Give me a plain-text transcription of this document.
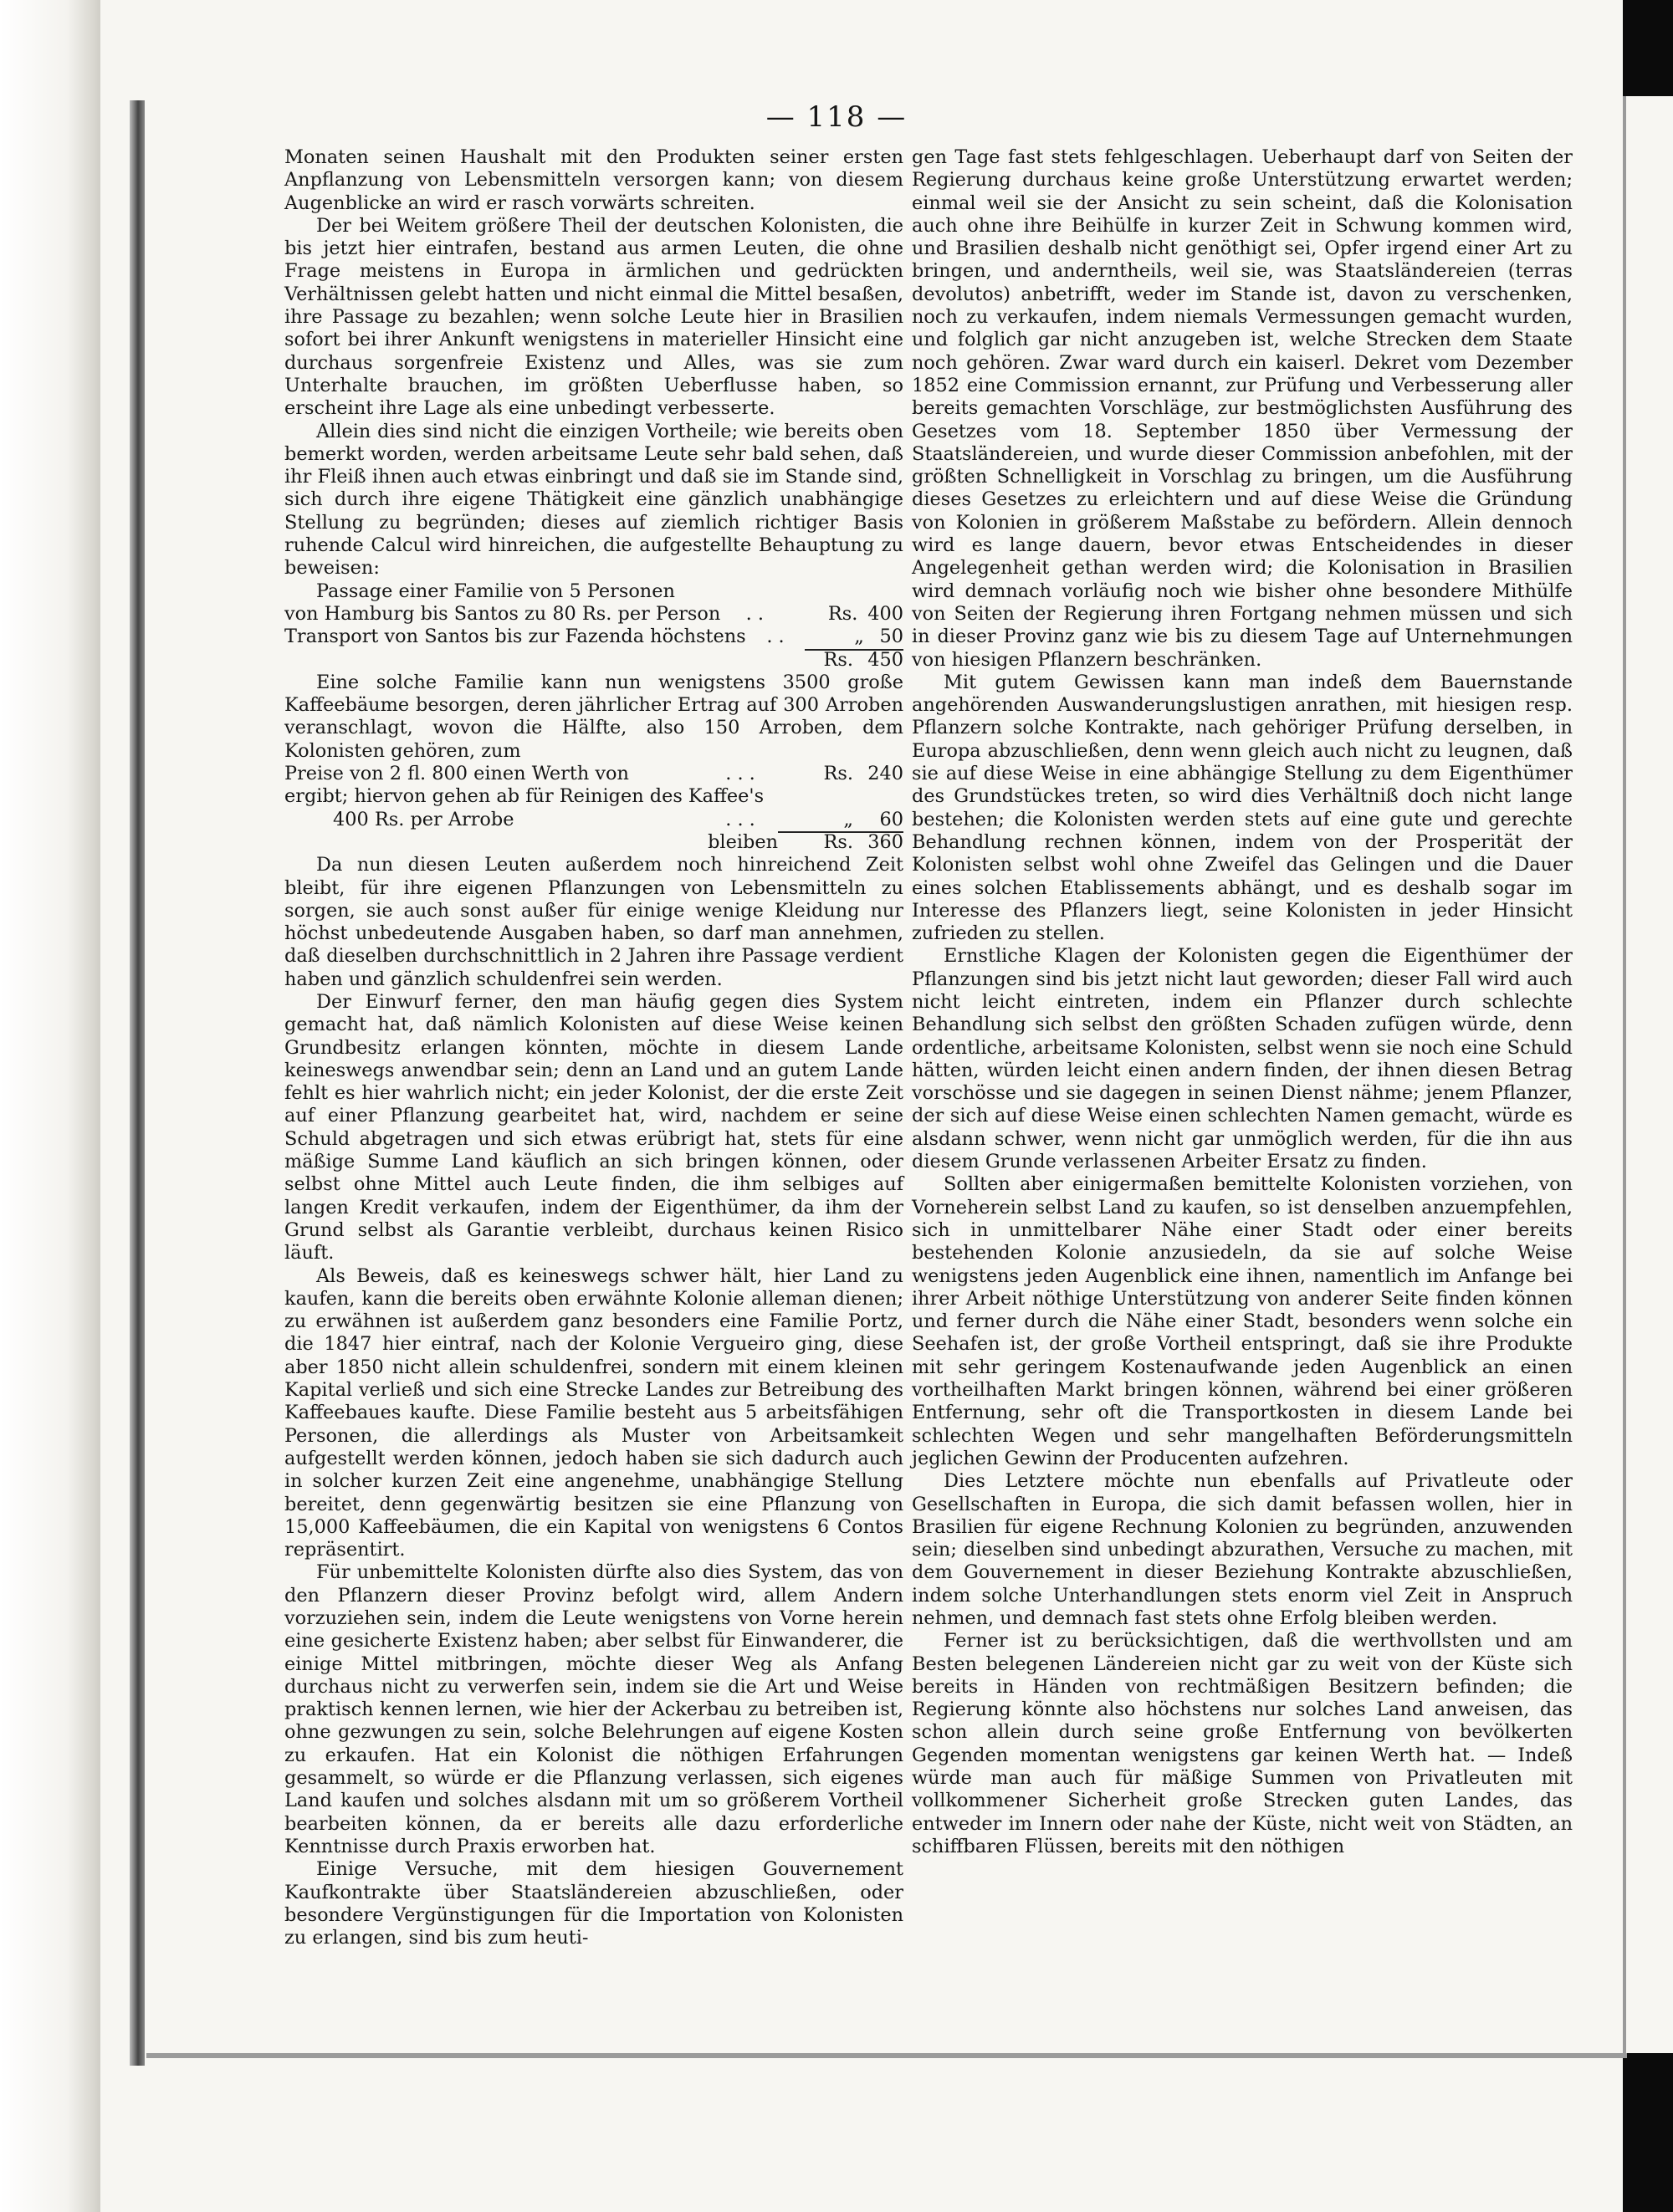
— 118 —

Monaten seinen Haushalt mit den Produkten seiner ersten Anpflanzung von Lebensmitteln versorgen kann; von diesem Augenblicke an wird er rasch vorwärts schreiten.

Der bei Weitem größere Theil der deutschen Kolonisten, die bis jetzt hier eintrafen, bestand aus armen Leuten, die ohne Frage meistens in Europa in ärmlichen und gedrückten Verhältnissen gelebt hatten und nicht einmal die Mittel besaßen, ihre Passage zu bezahlen; wenn solche Leute hier in Brasilien sofort bei ihrer Ankunft wenigstens in materieller Hinsicht eine durchaus sorgenfreie Existenz und Alles, was sie zum Unterhalte brauchen, im größten Ueberflusse haben, so erscheint ihre Lage als eine unbedingt verbesserte.

Allein dies sind nicht die einzigen Vortheile; wie bereits oben bemerkt worden, werden arbeitsame Leute sehr bald sehen, daß ihr Fleiß ihnen auch etwas einbringt und daß sie im Stande sind, sich durch ihre eigene Thätigkeit eine gänzlich unabhängige Stellung zu begründen; dieses auf ziemlich richtiger Basis ruhende Calcul wird hinreichen, die aufgestellte Behauptung zu beweisen:

Passage einer Familie von 5 Personen
von Hamburg bis Santos zu 80 Rs. per Person	. .	Rs. 400
Transport von Santos bis zur Fazenda höchstens	. .	„ 50
Rs. 450

Eine solche Familie kann nun wenigstens 3500 große Kaffeebäume besorgen, deren jährlicher Ertrag auf 300 Arroben veranschlagt, wovon die Hälfte, also 150 Arroben, dem Kolonisten gehören, zum

Preise von 2 fl. 800 einen Werth von	. . .	Rs. 240
ergibt; hiervon gehen ab für Reinigen des Kaffee's
400 Rs. per Arrobe	. . .	„	60
bleiben	Rs. 360

Da nun diesen Leuten außerdem noch hinreichend Zeit bleibt, für ihre eigenen Pflanzungen von Lebensmitteln zu sorgen, sie auch sonst außer für einige wenige Kleidung nur höchst unbedeutende Ausgaben haben, so darf man annehmen, daß dieselben durchschnittlich in 2 Jahren ihre Passage verdient haben und gänzlich schuldenfrei sein werden.

Der Einwurf ferner, den man häufig gegen dies System gemacht hat, daß nämlich Kolonisten auf diese Weise keinen Grundbesitz erlangen könnten, möchte in diesem Lande keineswegs anwendbar sein; denn an Land und an gutem Lande fehlt es hier wahrlich nicht; ein jeder Kolonist, der die erste Zeit auf einer Pflanzung gearbeitet hat, wird, nachdem er seine Schuld abgetragen und sich etwas erübrigt hat, stets für eine mäßige Summe Land käuflich an sich bringen können, oder selbst ohne Mittel auch Leute finden, die ihm selbiges auf langen Kredit verkaufen, indem der Eigenthümer, da ihm der Grund selbst als Garantie verbleibt, durchaus keinen Risico läuft.

Als Beweis, daß es keineswegs schwer hält, hier Land zu kaufen, kann die bereits oben erwähnte Kolonie alleman dienen; zu erwähnen ist außerdem ganz besonders eine Familie Portz, die 1847 hier eintraf, nach der Kolonie Vergueiro ging, diese aber 1850 nicht allein schuldenfrei, sondern mit einem kleinen Kapital verließ und sich eine Strecke Landes zur Betreibung des Kaffeebaues kaufte. Diese Familie besteht aus 5 arbeitsfähigen Personen, die allerdings als Muster von Arbeitsamkeit aufgestellt werden können, jedoch haben sie sich dadurch auch in solcher kurzen Zeit eine angenehme, unabhängige Stellung bereitet, denn gegenwärtig besitzen sie eine Pflanzung von 15,000 Kaffeebäumen, die ein Kapital von wenigstens 6 Contos repräsentirt.

Für unbemittelte Kolonisten dürfte also dies System, das von den Pflanzern dieser Provinz befolgt wird, allem Andern vorzuziehen sein, indem die Leute wenigstens von Vorne herein eine gesicherte Existenz haben; aber selbst für Einwanderer, die einige Mittel mitbringen, möchte dieser Weg als Anfang durchaus nicht zu verwerfen sein, indem sie die Art und Weise praktisch kennen lernen, wie hier der Ackerbau zu betreiben ist, ohne gezwungen zu sein, solche Belehrungen auf eigene Kosten zu erkaufen. Hat ein Kolonist die nöthigen Erfahrungen gesammelt, so würde er die Pflanzung verlassen, sich eigenes Land kaufen und solches alsdann mit um so größerem Vortheil bearbeiten können, da er bereits alle dazu erforderliche Kenntnisse durch Praxis erworben hat.

Einige Versuche, mit dem hiesigen Gouvernement Kaufkontrakte über Staatsländereien abzuschließen, oder besondere Vergünstigungen für die Importation von Kolonisten zu erlangen, sind bis zum heuti-

gen Tage fast stets fehlgeschlagen. Ueberhaupt darf von Seiten der Regierung durchaus keine große Unterstützung erwartet werden; einmal weil sie der Ansicht zu sein scheint, daß die Kolonisation auch ohne ihre Beihülfe in kurzer Zeit in Schwung kommen wird, und Brasilien deshalb nicht genöthigt sei, Opfer irgend einer Art zu bringen, und anderntheils, weil sie, was Staatsländereien (terras devolutos) anbetrifft, weder im Stande ist, davon zu verschenken, noch zu verkaufen, indem niemals Vermessungen gemacht wurden, und folglich gar nicht anzugeben ist, welche Strecken dem Staate noch gehören. Zwar ward durch ein kaiserl. Dekret vom Dezember 1852 eine Commission ernannt, zur Prüfung und Verbesserung aller bereits gemachten Vorschläge, zur bestmöglichsten Ausführung des Gesetzes vom 18. September 1850 über Vermessung der Staatsländereien, und wurde dieser Commission anbefohlen, mit der größten Schnelligkeit in Vorschlag zu bringen, um die Ausführung dieses Gesetzes zu erleichtern und auf diese Weise die Gründung von Kolonien in größerem Maßstabe zu befördern. Allein dennoch wird es lange dauern, bevor etwas Entscheidendes in dieser Angelegenheit gethan werden wird; die Kolonisation in Brasilien wird demnach vorläufig noch wie bisher ohne besondere Mithülfe von Seiten der Regierung ihren Fortgang nehmen müssen und sich in dieser Provinz ganz wie bis zu diesem Tage auf Unternehmungen von hiesigen Pflanzern beschränken.

Mit gutem Gewissen kann man indeß dem Bauernstande angehörenden Auswanderungslustigen anrathen, mit hiesigen resp. Pflanzern solche Kontrakte, nach gehöriger Prüfung derselben, in Europa abzuschließen, denn wenn gleich auch nicht zu leugnen, daß sie auf diese Weise in eine abhängige Stellung zu dem Eigenthümer des Grundstückes treten, so wird dies Verhältniß doch nicht lange bestehen; die Kolonisten werden stets auf eine gute und gerechte Behandlung rechnen können, indem von der Prosperität der Kolonisten selbst wohl ohne Zweifel das Gelingen und die Dauer eines solchen Etablissements abhängt, und es deshalb sogar im Interesse des Pflanzers liegt, seine Kolonisten in jeder Hinsicht zufrieden zu stellen.

Ernstliche Klagen der Kolonisten gegen die Eigenthümer der Pflanzungen sind bis jetzt nicht laut geworden; dieser Fall wird auch nicht leicht eintreten, indem ein Pflanzer durch schlechte Behandlung sich selbst den größten Schaden zufügen würde, denn ordentliche, arbeitsame Kolonisten, selbst wenn sie noch eine Schuld hätten, würden leicht einen andern finden, der ihnen diesen Betrag vorschösse und sie dagegen in seinen Dienst nähme; jenem Pflanzer, der sich auf diese Weise einen schlechten Namen gemacht, würde es alsdann schwer, wenn nicht gar unmöglich werden, für die ihn aus diesem Grunde verlassenen Arbeiter Ersatz zu finden.

Sollten aber einigermaßen bemittelte Kolonisten vorziehen, von Vorneherein selbst Land zu kaufen, so ist denselben anzuempfehlen, sich in unmittelbarer Nähe einer Stadt oder einer bereits bestehenden Kolonie anzusiedeln, da sie auf solche Weise wenigstens jeden Augenblick eine ihnen, namentlich im Anfange bei ihrer Arbeit nöthige Unterstützung von anderer Seite finden können und ferner durch die Nähe einer Stadt, besonders wenn solche ein Seehafen ist, der große Vortheil entspringt, daß sie ihre Produkte mit sehr geringem Kostenaufwande jeden Augenblick an einen vortheilhaften Markt bringen können, während bei einer größeren Entfernung, sehr oft die Transportkosten in diesem Lande bei schlechten Wegen und sehr mangelhaften Beförderungsmitteln jeglichen Gewinn der Producenten aufzehren.

Dies Letztere möchte nun ebenfalls auf Privatleute oder Gesellschaften in Europa, die sich damit befassen wollen, hier in Brasilien für eigene Rechnung Kolonien zu begründen, anzuwenden sein; dieselben sind unbedingt abzurathen, Versuche zu machen, mit dem Gouvernement in dieser Beziehung Kontrakte abzuschließen, indem solche Unterhandlungen stets enorm viel Zeit in Anspruch nehmen, und demnach fast stets ohne Erfolg bleiben werden.

Ferner ist zu berücksichtigen, daß die werthvollsten und am Besten belegenen Ländereien nicht gar zu weit von der Küste sich bereits in Händen von rechtmäßigen Besitzern befinden; die Regierung könnte also höchstens nur solches Land anweisen, das schon allein durch seine große Entfernung von bevölkerten Gegenden momentan wenigstens gar keinen Werth hat. — Indeß würde man auch für mäßige Summen von Privatleuten mit vollkommener Sicherheit große Strecken guten Landes, das entweder im Innern oder nahe der Küste, nicht weit von Städten, an schiffbaren Flüssen, bereits mit den nöthigen
